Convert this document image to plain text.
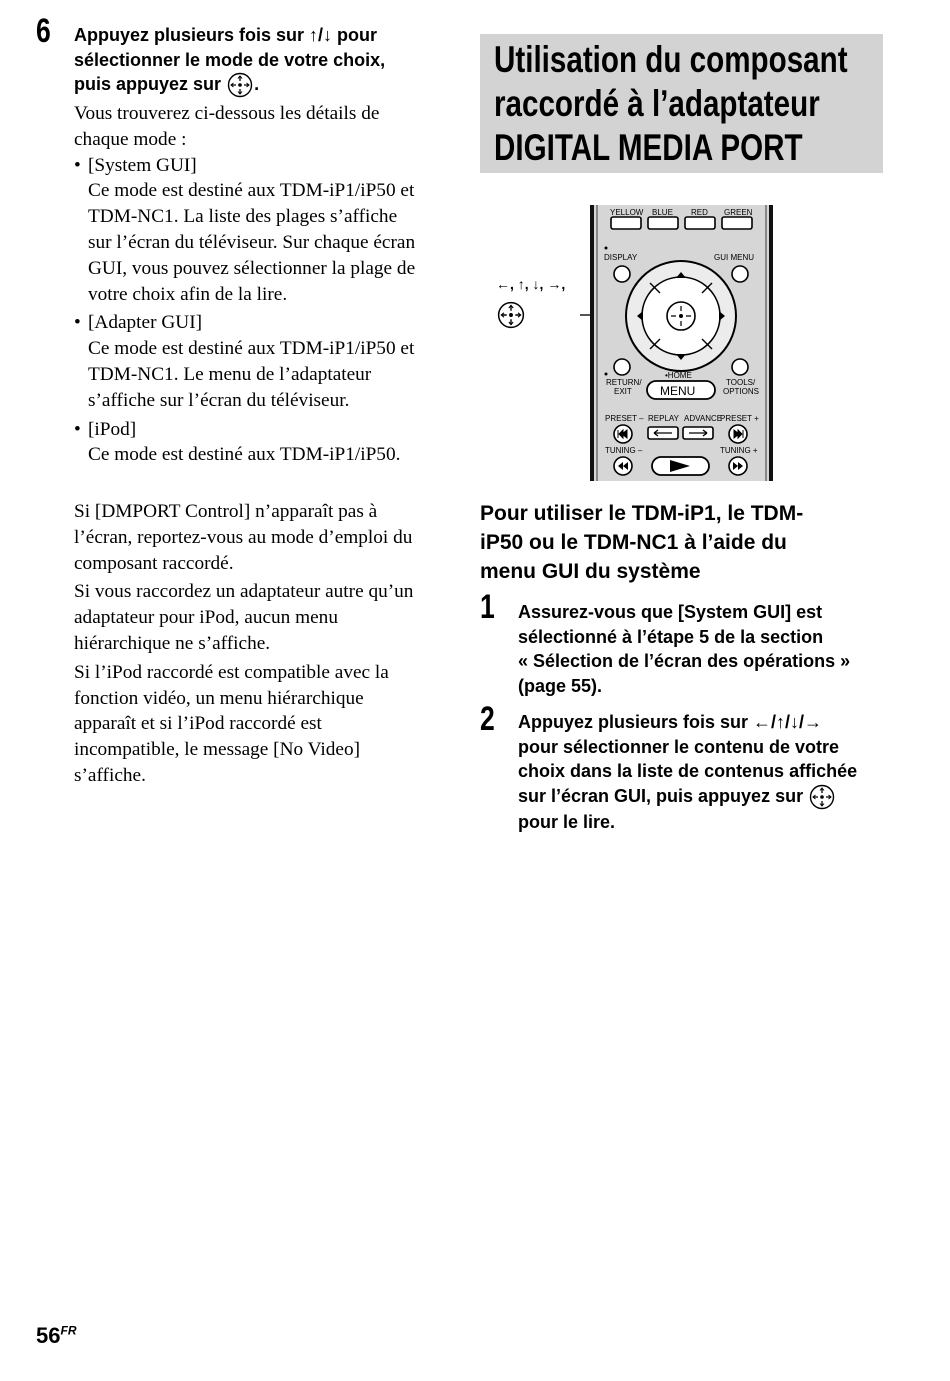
6 Appuyez plusieurs fois sur ↑/↓ pour
sélectionner le mode de votre choix,
puis appuyez sur .
Vous trouverez ci-dessous les détails de
chaque mode :
• [System GUI]
Ce mode est destiné aux TDM-iP1/iP50 et
TDM-NC1. La liste des plages s’affiche
sur l’écran du téléviseur. Sur chaque écran
GUI, vous pouvez sélectionner la plage de
votre choix afin de la lire.
• [Adapter GUI]
Ce mode est destiné aux TDM-iP1/iP50 et
TDM-NC1. Le menu de l’adaptateur
s’affiche sur l’écran du téléviseur.
• [iPod]
Ce mode est destiné aux TDM-iP1/iP50.

Si [DMPORT Control] n’apparaît pas à
l’écran, reportez-vous au mode d’emploi du
composant raccordé.

Si vous raccordez un adaptateur autre qu’un
adaptateur pour iPod, aucun menu
hiérarchique ne s’affiche.

Si l’iPod raccordé est compatible avec la
fonction vidéo, un menu hiérarchique
apparaît et si l’iPod raccordé est
incompatible, le message [No Video]
s’affiche.

Utilisation du composant
raccordé à l’adaptateur
DIGITAL MEDIA PORT
←, ↑, ↓, →,
YELLOW BLUE RED GREEN
DISPLAY	GUI MENU
RETURN/
EXIT
TOOLS/
OPTIONS
•HOME
MENU
PRESET – REPLAY ADVANCE
PRESET +
TUNING –	TUNING +
Pour utiliser le TDM-iP1, le TDM-
iP50 ou le TDM-NC1 à l’aide du
menu GUI du système
1 Assurez-vous que [System GUI] est
sélectionné à l’étape 5 de la section
« Sélection de l’écran des opérations »
(page 55).
2 Appuyez plusieurs fois sur ←/↑/↓/→
pour sélectionner le contenu de votre
choix dans la liste de contenus affichée
sur l’écran GUI, puis appuyez sur
pour le lire.
$56^{FR}$
